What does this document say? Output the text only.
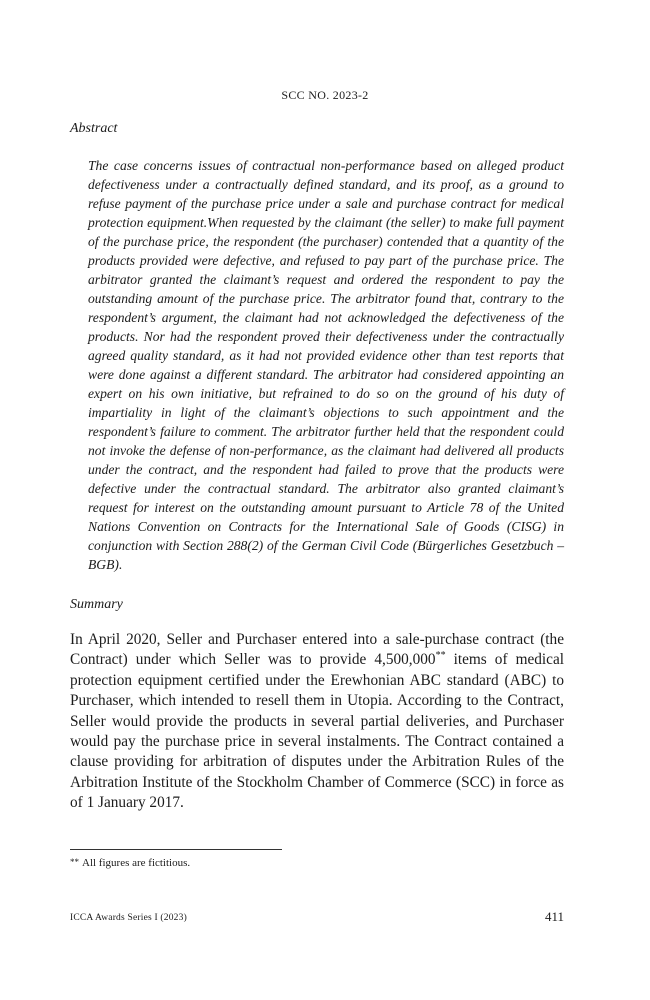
SCC NO. 2023-2
Abstract
The case concerns issues of contractual non-performance based on alleged product defectiveness under a contractually defined standard, and its proof, as a ground to refuse payment of the purchase price under a sale and purchase contract for medical protection equipment.When requested by the claimant (the seller) to make full payment of the purchase price, the respondent (the purchaser) contended that a quantity of the products provided were defective, and refused to pay part of the purchase price. The arbitrator granted the claimant’s request and ordered the respondent to pay the outstanding amount of the purchase price. The arbitrator found that, contrary to the respondent’s argument, the claimant had not acknowledged the defectiveness of the products. Nor had the respondent proved their defectiveness under the contractually agreed quality standard, as it had not provided evidence other than test reports that were done against a different standard. The arbitrator had considered appointing an expert on his own initiative, but refrained to do so on the ground of his duty of impartiality in light of the claimant’s objections to such appointment and the respondent’s failure to comment. The arbitrator further held that the respondent could not invoke the defense of non-performance, as the claimant had delivered all products under the contract, and the respondent had failed to prove that the products were defective under the contractual standard. The arbitrator also granted claimant’s request for interest on the outstanding amount pursuant to Article 78 of the United Nations Convention on Contracts for the International Sale of Goods (CISG) in conjunction with Section 288(2) of the German Civil Code (Bürgerliches Gesetzbuch – BGB).
Summary
In April 2020, Seller and Purchaser entered into a sale-purchase contract (the Contract) under which Seller was to provide 4,500,000** items of medical protection equipment certified under the Erewhonian ABC standard (ABC) to Purchaser, which intended to resell them in Utopia. According to the Contract, Seller would provide the products in several partial deliveries, and Purchaser would pay the purchase price in several instalments. The Contract contained a clause providing for arbitration of disputes under the Arbitration Rules of the Arbitration Institute of the Stockholm Chamber of Commerce (SCC) in force as of 1 January 2017.
** All figures are fictitious.
ICCA Awards Series I (2023)	411
